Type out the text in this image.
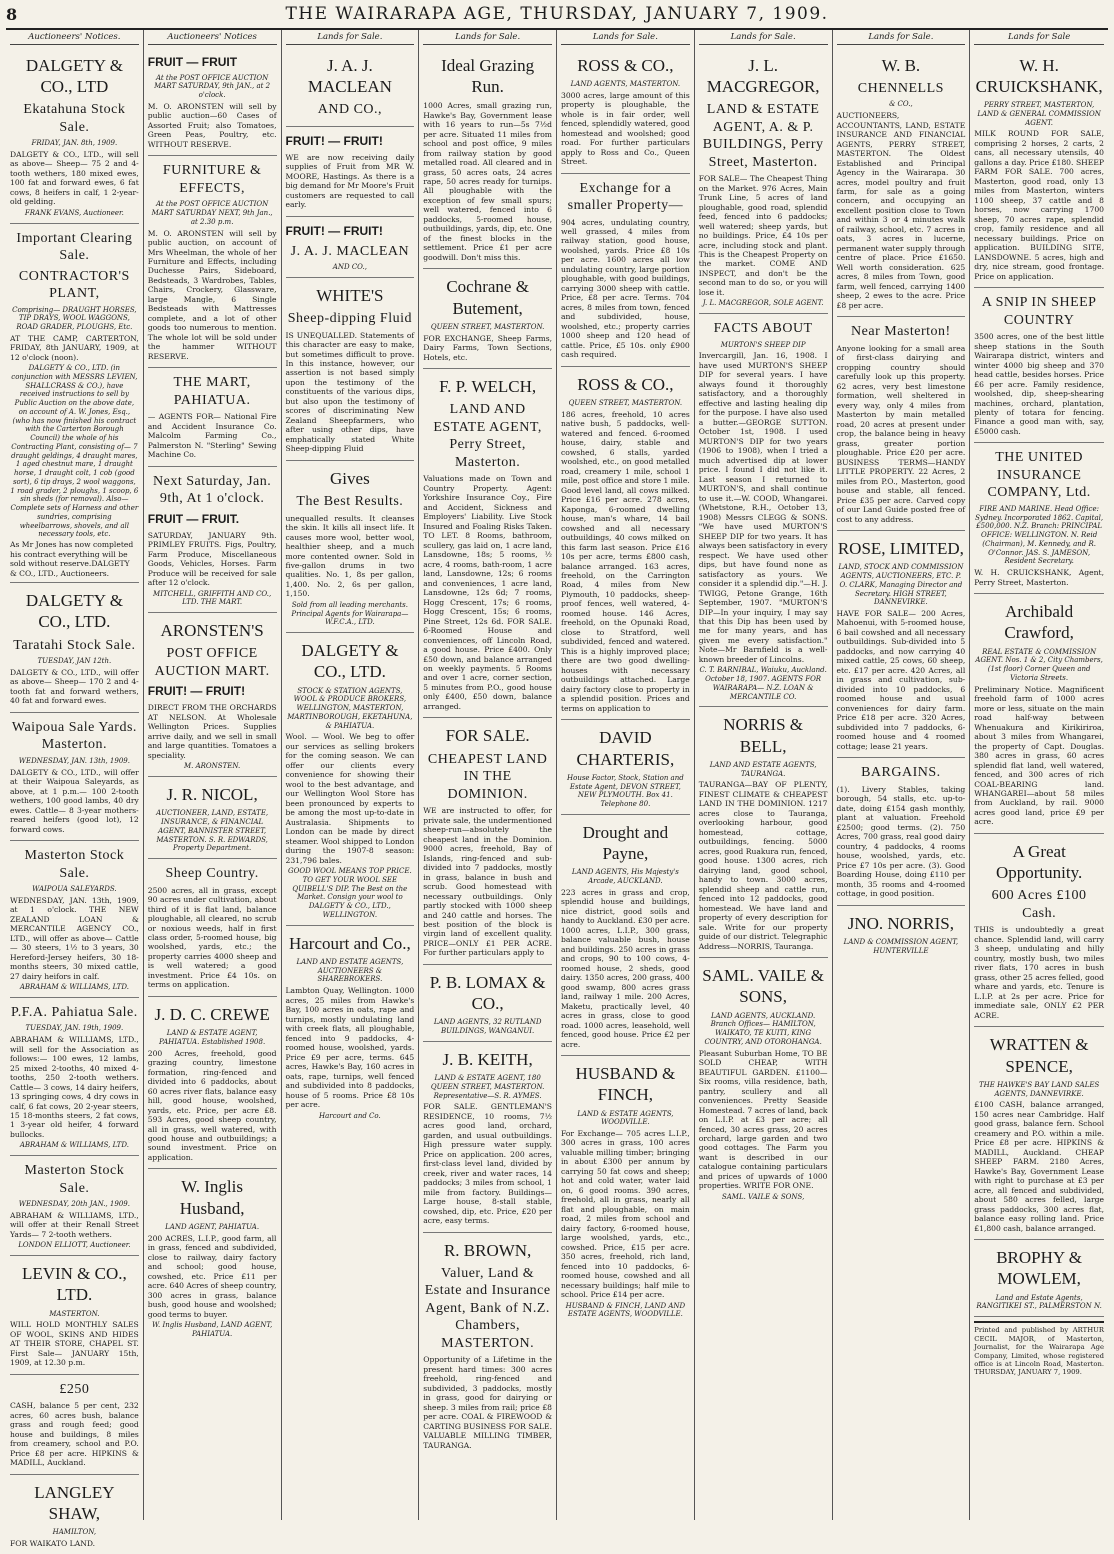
8	THE WAIRARAPA AGE, THURSDAY, JANUARY 7, 1909.
Auctioneers' Notices.
DALGETY & CO., LTD
Ekatahuna Stock Sale.
FRIDAY, JAN. 8th, 1909.
DALGETY & CO., LTD., will sell as above— Sheep— 75 2 and 4-tooth wethers, 180 mixed ewes, 100 fat and forward ewes, 6 fat cows, 8 heifers in calf, 1 2-year-old gelding.
FRANK EVANS, Auctioneer.
Important Clearing Sale.
CONTRACTOR'S PLANT,
Comprising— DRAUGHT HORSES, TIP DRAYS, WOOL WAGGONS, ROAD GRADER, PLOUGHS, Etc.
AT THE CAMP, CARTERTON, FRIDAY, 8th JANUARY, 1909, at 12 o'clock (noon).
DALGETY & CO., LTD. (in conjunction with MESSRS LEVIEN, SHALLCRASS & CO.), have received instructions to sell by Public Auction on the above date, on account of A. W. Jones, Esq., (who has now finished his contract with the Carterton Borough Council) the whole of his Contracting Plant, consisting of— 7 draught geldings, 4 draught mares, 1 aged chestnut mare, 1 draught horse, 1 draught colt, 1 cob (good sort), 6 tip drays, 2 wool waggons, 1 road grader, 2 ploughs, 1 scoop, 6 sin sheds (for removal). Also—Complete sets of Harness and other sundries, comprising wheelbarrows, shovels, and all necessary tools, etc.
As Mr Jones has now completed his contract everything will be sold without reserve.DALGETY & CO., LTD., Auctioneers.
DALGETY & CO., LTD.
Taratahi Stock Sale.
TUESDAY, JAN 12th.
DALGETY & CO., LTD., will offer as above— Sheep— 170 2 and 4-tooth fat and forward wethers, 40 fat and forward ewes.
Waipoua Sale Yards. Masterton.
WEDNESDAY, JAN. 13th, 1909.
DALGETY & CO., LTD., will offer at their Waipoua Saleyards, as above, at 1 p.m.— 100 2-tooth wethers, 100 good lambs, 40 dry ewes. Cattle— 8 3-year mothers-reared heifers (good lot), 12 forward cows.
Masterton Stock Sale.
WAIPOUA SALEYARDS.
WEDNESDAY, JAN. 13th, 1909, at 1 o'clock. THE NEW ZEALAND LOAN & MERCANTILE AGENCY CO., LTD., will offer as above— Cattle— 30 steers, 1½ to 3 years, 30 Hereford-Jersey heifers, 30 18-months steers, 30 mixed cattle, 27 dairy heifors in calf.
ABRAHAM & WILLIAMS, LTD.
P.F.A. Pahiatua Sale.
TUESDAY, JAN. 19th, 1909.
ABRAHAM & WILLIAMS, LTD., will sell for the Association as follows:— 100 ewes, 12 lambs, 25 mixed 2-tooths, 40 mixed 4-tooths, 250 2-tooth wethers. Cattle— 3 cows, 14 dairy heifers, 13 springing cows, 4 dry cows in calf, 6 fat cows, 20 2-year steers, 15 18-months steers, 2 fat cows, 1 3-year old heifer, 4 forward bullocks.
ABRAHAM & WILLIAMS, LTD.
Masterton Stock Sale.
WEDNESDAY, 20th JAN., 1909.
ABRAHAM & WILLIAMS, LTD., will offer at their Renall Street Yards— 7 2-tooth wethers.
LONDON ELLIOTT, Auctioneer.
LEVIN & CO., LTD.
MASTERTON.
WILL HOLD MONTHLY SALES OF WOOL, SKINS AND HIDES AT THEIR STORE, CHAPEL ST. First Sale— JANUARY 15th, 1909, at 12.30 p.m.
£250
CASH, balance 5 per cent, 232 acres, 60 acres bush, balance grass and rough feed; good house and buildings, 8 miles from creamery, school and P.O. Price £8 per acre. HIPKINS & MADILL, Auckland.
LANGLEY SHAW,
HAMILTON,
FOR WAIKATO LAND.
Auctioneers' Notices
FRUIT — FRUIT
At the POST OFFICE AUCTION MART SATURDAY, 9th JAN., at 2 o'clock.
M. O. ARONSTEN will sell by public auction—60 Cases of Assorted Fruit; also Tomatoes, Green Peas, Poultry, etc. WITHOUT RESERVE.
FURNITURE & EFFECTS,
At the POST OFFICE AUCTION MART SATURDAY NEXT, 9th Jan., at 2.30 p.m.
M. O. ARONSTEN will sell by public auction, on account of Mrs Wheelman, the whole of her Furniture and Effects, including Duchesse Pairs, Sideboard, Bedsteads, 3 Wardrobes, Tables, Chairs, Crockery, Glassware, large Mangle, 6 Single Bedsteads with Mattresses complete, and a lot of other goods too numerous to mention. The whole lot will be sold under the hammer WITHOUT RESERVE.
THE MART, PAHIATUA.
— AGENTS FOR— National Fire and Accident Insurance Co. Malcolm Farming Co., Palmerston N. "Sterling" Sewing Machine Co.
Next Saturday, Jan. 9th, At 1 o'clock.
FRUIT — FRUIT.
SATURDAY, JANUARY 9th. PRIMLEY FRUITS. Figs, Poultry, Farm Produce, Miscellaneous Goods, Vehicles, Horses. Farm Produce will be received for sale after 12 o'clock.
MITCHELL, GRIFFITH AND CO., LTD. THE MART.
ARONSTEN'S
POST OFFICE AUCTION MART.
FRUIT! — FRUIT!
DIRECT FROM THE ORCHARDS AT NELSON. At Wholesale Wellington Prices. Supplies arrive daily, and we sell in small and large quantities. Tomatoes a speciality.
M. ARONSTEN.
J. R. NICOL,
AUCTIONEER, LAND, ESTATE, INSURANCE, & FINANCIAL AGENT, BANNISTER STREET, MASTERTON. S. R. EDWARDS, Property Department.
Sheep Country.
2500 acres, all in grass, except 90 acres under cultivation, about third of it is flat land, balance ploughable, all cleared, no scrub or noxious weeds, half in first class order, 5-roomed house, big woolshed, yards, etc.; the property carries 4000 sheep and is well watered; a good investment. Price £4 10s. on terms on application.
J. D. C. CREWE
LAND & ESTATE AGENT, PAHIATUA. Established 1908.
200 Acres, freehold, good grazing country, limestone formation, ring-fenced and divided into 6 paddocks, about 60 acres river flats, balance easy hill, good house, woolshed, yards, etc. Price, per acre £8. 593 Acres, good sheep country, all in grass, well watered, with good house and outbuildings; a sound investment. Price on application.
W. Inglis Husband,
LAND AGENT, PAHIATUA.
200 ACRES, L.I.P., good farm, all in grass, fenced and subdivided, close to railway, dairy factory and school; good house, cowshed, etc. Price £11 per acre. 640 Acres of sheep country, 300 acres in grass, balance bush, good house and woolshed; good terms to buyer.
W. Inglis Husband, LAND AGENT, PAHIATUA.
Lands for Sale.
J. A. J. MACLEAN
AND CO.,
FRUIT! — FRUIT!
WE are now receiving daily supplies of Fruit from MR W. MOORE, Hastings. As there is a big demand for Mr Moore's Fruit customers are requested to call early.
FRUIT! — FRUIT!
J. A. J. MACLEAN
AND CO.,
WHITE'S
Sheep-dipping Fluid
IS UNEQUALLED. Statements of this character are easy to make, but sometimes difficult to prove. In this instance, however, our assertion is not based simply upon the testimony of the constituents of the various dips, but also upon the testimony of scores of discriminating New Zealand Sheepfarmers, who after using other dips, have emphatically stated White Sheep-dipping Fluid
Gives
The Best Results.
unequalled results. It cleanses the skin. It kills all insect life. It causes more wool, better wool, healthier sheep, and a much more contented owner. Sold in five-gallon drums in two qualities. No. 1, 8s per gallon, 1,400. No. 2, 6s per gallon, 1,150.
Sold from all leading merchants. Principal Agents for Wairarapa— W.F.C.A., LTD.
DALGETY & CO., LTD.
STOCK & STATION AGENTS, WOOL & PRODUCE BROKERS, WELLINGTON, MASTERTON, MARTINBOROUGH, EKETAHUNA, & PAHIATUA.
Wool. — Wool. We beg to offer our services as selling brokers for the coming season. We can offer our clients every convenience for showing their wool to the best advantage, and our Wellington Wool Store has been pronounced by experts to be among the most up-to-date in Australasia. Shipments to London can be made by direct steamer. Wool shipped to London during the 1907-8 season: 231,796 bales.
GOOD WOOL MEANS TOP PRICE. TO GET YOUR WOOL SEE QUIBELL'S DIP. The Best on the Market. Consign your wool to DALGETY & CO., LTD., WELLINGTON.
Harcourt and Co.,
LAND AND ESTATE AGENTS, AUCTIONEERS & SHAREBROKERS.
Lambton Quay, Wellington. 1000 acres, 25 miles from Hawke's Bay, 100 acres in oats, rape and turnips, mostly undulating land with creek flats, all ploughable, fenced into 9 paddocks, 4-roomed house, woolshed, yards. Price £9 per acre, terms. 645 acres, Hawke's Bay, 160 acres in oats, rape, turnips, well fenced and subdivided into 8 paddocks, house of 5 rooms. Price £8 10s per acre.
Harcourt and Co.
Lands for Sale.
Ideal Grazing Run.
1000 Acres, small grazing run, Hawke's Bay, Government lease with 16 years to run—5s 7½d per acre. Situated 11 miles from school and post office, 9 miles from railway station by good metalled road. All cleared and in grass, 50 acres oats, 24 acres rape, 50 acres ready for turnips. All ploughable with the exception of few small spurs; well watered, fenced into 6 paddocks, 5-roomed house, outbuildings, yards, dip, etc. One of the finest blocks in the settlement. Price £1 per acre goodwill. Don't miss this.
Cochrane & Butement,
QUEEN STREET, MASTERTON.
FOR EXCHANGE, Sheep Farms, Dairy Farms, Town Sections, Hotels, etc.
F. P. WELCH,
LAND AND ESTATE AGENT, Perry Street, Masterton.
Valuations made on Town and Country Property. Agent: Yorkshire Insurance Coy., Fire and Accident, Sickness and Employers' Liability. Live Stock Insured and Foaling Risks Taken. TO LET. 8 Rooms, bathroom, scullery, gas laid on, 1 acre land, Lansdowne, 18s; 5 rooms, ½ acre, 4 rooms, bath-room, 1 acre land, Lansdowne, 12s; 6 rooms and conveniences, 1 acre land, Lansdowne, 12s 6d; 7 rooms, Hogg Crescent, 17s; 6 rooms, Hogg Crescent, 15s; 6 rooms, Pine Street, 12s 6d. FOR SALE. 6-Roomed House and conveniences, off Lincoln Road, a good house. Price £400. Only £50 down, and balance arranged on weekly payments. 5 Rooms and over 1 acre, corner section, 5 minutes from P.O., good house only £400, £50 down, balance arranged.
FOR SALE.
CHEAPEST LAND IN THE DOMINION.
WE are instructed to offer, for private sale, the undermentioned sheep-run—absolutely the cheapest land in the Dominion. 9000 acres, freehold, Bay of Islands, ring-fenced and sub-divided into 7 paddocks, mostly in grass, balance in bush and scrub. Good homestead with necessary outbuildings. Only partly stocked with 1000 sheep and 240 cattle and horses. The best position of the block is virgin land of excellent quality. PRICE—ONLY £1 PER ACRE. For further particulars apply to
P. B. LOMAX & CO.,
LAND AGENTS, 32 RUTLAND BUILDINGS, WANGANUI.
J. B. KEITH,
LAND & ESTATE AGENT, 180 QUEEN STREET, MASTERTON. Representative—S. R. AYMES.
FOR SALE. GENTLEMAN'S RESIDENCE, 10 rooms, 7½ acres good land, orchard, garden, and usual outbuildings. High pressure water supply. Price on application. 200 acres, first-class level land, divided by creek, river and water races, 14 paddocks; 3 miles from school, 1 mile from factory. Buildings—Large house, 8-stall stable, cowshed, dip, etc. Price, £20 per acre, easy terms.
R. BROWN,
Valuer, Land & Estate and Insurance Agent, Bank of N.Z. Chambers, MASTERTON.
Opportunity of a Lifetime in the present hard times: 300 acres freehold, ring-fenced and subdivided, 3 paddocks, mostly in grass, good for dairying or sheep. 3 miles from rail; price £8 per acre. COAL & FIREWOOD & CARTING BUSINESS FOR SALE. VALUABLE MILLING TIMBER, TAURANGA.
Lands for Sale.
ROSS & CO.,
LAND AGENTS, MASTERTON.
3000 acres, large amount of this property is ploughable, the whole is in fair order, well fenced, splendidly watered, good homestead and woolshed; good road. For further particulars apply to Ross and Co., Queen Street.
Exchange for a smaller Property—
904 acres, undulating country, well grassed, 4 miles from railway station, good house, woolshed, yards. Price £8 10s per acre. 1600 acres all low undulating country, large portion ploughable, with good buildings, carrying 3000 sheep with cattle. Price, £8 per acre. Terms. 704 acres, 8 miles from town, fenced and subdivided, house, woolshed, etc.; property carries 1000 sheep and 120 head of cattle. Price, £5 10s. only £900 cash required.
ROSS & CO.,
QUEEN STREET, MASTERTON.
186 acres, freehold, 10 acres native bush, 5 paddocks, well-watered and fenced. 6-roomed house, dairy, stable and cowshed, 6 stalls, yarded woolshed, etc., on good metalled road, creamery 1 mile, school 1 mile, post office and store 1 mile. Good level land, all cows milked. Price £16 per acre. 278 acres, Kaponga, 6-roomed dwelling house, man's whare, 14 bail cowshed and all necessary outbuildings, 40 cows milked on this farm last season. Price £16 10s per acre, terms £800 cash, balance arranged. 163 acres, freehold, on the Carrington Road, 4 miles from New Plymouth, 10 paddocks, sheep-proof fences, well watered, 4-roomed house. 146 Acres, freehold, on the Opunaki Road, close to Stratford, well subdivided, fenced and watered. This is a highly improved place; there are two good dwelling-houses with necessary outbuildings attached. Large dairy factory close to property in a splendid position. Prices and terms on application to
DAVID CHARTERIS,
House Factor, Stock, Station and Estate Agent, DEVON STREET, NEW PLYMOUTH. Box 41. Telephone 80.
Drought and Payne,
LAND AGENTS, His Majesty's Arcade, AUCKLAND.
223 acres in grass and crop, splendid house and buildings, nice district, good soils and handy to Auckland. £30 per acre. 1000 acres, L.I.P., 300 grass, balance valuable bush, house and buildings. 250 acres in grass and crops, 90 to 100 cows, 4-roomed house, 2 sheds, good dairy. 1350 acres, 200 grass, 400 good swamp, 800 acres grass land, railway 1 mile. 200 Acres, Maketu, practically level, 40 acres in grass, close to good road. 1000 acres, leasehold, well fenced, good house. Price £2 per acre.
HUSBAND & FINCH,
LAND & ESTATE AGENTS, WOODVILLE.
For Exchange— 705 acres L.I.P., 300 acres in grass, 100 acres valuable milling timber; bringing in about £300 per annum by carrying 50 fat cows and sheep; hot and cold water, water laid on, 6 good rooms. 390 acres, freehold, all in grass, nearly all flat and ploughable, on main road, 2 miles from school and dairy factory, 6-roomed house, large woolshed, yards, etc., cowshed. Price, £15 per acre. 350 acres, freehold, rich land, fenced into 10 paddocks, 6-roomed house, cowshed and all necessary buildings; half mile to school. Price £14 per acre.
HUSBAND & FINCH, LAND AND ESTATE AGENTS, WOODVILLE.
Lands for Sale.
J. L. MACGREGOR,
LAND & ESTATE AGENT, A. & P. BUILDINGS, Perry Street, Masterton.
FOR SALE— The Cheapest Thing on the Market. 976 Acres, Main Trunk Line, 5 acres of land ploughable, good road, splendid feed, fenced into 6 paddocks; well watered; sheep yards, but no buildings. Price, £4 10s per acre, including stock and plant. This is the Cheapest Property on the market. COME AND INSPECT, and don't be the second man to do so, or you will lose it.
J. L. MACGREGOR, SOLE AGENT.
FACTS ABOUT
MURTON'S SHEEP DIP
Invercargill, Jan. 16, 1908. I have used MURTON'S SHEEP DIP for several years. I have always found it thoroughly satisfactory, and a thoroughly effective and lasting healing dip for the purpose. I have also used a butter.—GEORGE SUTTON. October 1st, 1908. I used MURTON'S DIP for two years (1906 to 1908), when I tried a much advertised dip at lower price. I found I did not like it. Last season I returned to MURTON'S, and shall continue to use it.—W. COOD, Whangarei. (Whetstone, R.H., October 13, 1908) Messrs CLEGG & SONS. "We have used MURTON'S SHEEP DIP for two years. It has always been satisfactory in every respect. We have used other dips, but have found none as satisfactory as yours. We consider it a splendid dip."—H. J. TWIGG, Petone Grange, 16th September, 1907. "MURTON'S DIP—In your inquiry, I may say that this Dip has been used by me for many years, and has given me every satisfaction." Note—Mr Barnfield is a well-known breeder of Lincolns.
C. T. BARNIBAL, Waiuku, Auckland. October 18, 1907. AGENTS FOR WAIRARAPA— N.Z. LOAN & MERCANTILE CO.
NORRIS & BELL,
LAND AND ESTATE AGENTS, TAURANGA.
TAURANGA—BAY OF PLENTY, FINEST CLIMATE & CHEAPEST LAND IN THE DOMINION. 1217 acres close to Tauranga, overlooking harbour, good homestead, cottage, outbuildings, fencing. 5000 acres, good Ruakura run, fenced, good house. 1300 acres, rich dairying land, good school, handy to town. 3000 acres, splendid sheep and cattle run, fenced into 12 paddocks, good homestead. We have land and property of every description for sale. Write for our property guide of our district. Telegraphic Address—NORRIS, Tauranga.
SAML. VAILE & SONS,
LAND AGENTS, AUCKLAND. Branch Offices— HAMILTON, WAIKATO, TE KUITI, KING COUNTRY, AND OTOROHANGA.
Pleasant Suburban Home, TO BE SOLD CHEAP, WITH BEAUTIFUL GARDEN. £1100—Six rooms, villa residence, bath, pantry, scullery and all conveniences. Pretty Seaside Homestead. 7 acres of land, back on L.I.P. at £3 per acre; all fenced, 30 acres grass, 20 acres orchard, large garden and two good cottages. The Farm you want is described in our catalogue containing particulars and prices of upwards of 1000 properties. WRITE FOR ONE.
SAML. VAILE & SONS,
Lands for Sale.
W. B.
CHENNELLS
& CO.,
AUCTIONEERS, ACCOUNTANTS, LAND, ESTATE INSURANCE AND FINANCIAL AGENTS, PERRY STREET, MASTERTON. The Oldest Established and Principal Agency in the Wairarapa. 30 acres, model poultry and fruit farm, for sale as a going concern, and occupying an excellent position close to Town and within 3 or 4 minutes walk of railway, school, etc. 7 acres in oats, 3 acres in lucerne, permanent water supply through centre of place. Price £1650. Well worth consideration. 625 acres, 8 miles from Town, good farm, well fenced, carrying 1400 sheep, 2 ewes to the acre. Price £8 per acre.
Near Masterton!
Anyone looking for a small area of first-class dairying and cropping country should carefully look up this property. 62 acres, very best limestone formation, well sheltered in every way, only 4 miles from Masterton by main metalled road, 20 acres at present under crop, the balance being in heavy grass, greater portion ploughable. Price £20 per acre. BUSINESS TERMS—HANDY LITTLE PROPERTY. 22 Acres, 2 miles from P.O., Masterton, good house and stable, all fenced. Price £35 per acre. Carved copy of our Land Guide posted free of cost to any address.
ROSE, LIMITED,
LAND, STOCK AND COMMISSION AGENTS, AUCTIONEERS, ETC. P. O. CLARK, Managing Director and Secretary. HIGH STREET, DANNEVIRKE.
HAVE FOR SALE— 200 Acres, Mahoenui, with 5-roomed house, 6 bail cowshed and all necessary outbuildings. Sub-divided into 5 paddocks, and now carrying 40 mixed cattle, 25 cows, 60 sheep, etc. £17 per acre. 420 Acres, all in grass and cultivation, sub-divided into 10 paddocks, 6 roomed house and usual conveniences for dairy farm. Price £18 per acre. 320 Acres, subdivided into 7 paddocks, 6-roomed house and 4 roomed cottage; lease 21 years.
BARGAINS.
(1). Livery Stables, taking borough, 54 stalls, etc. up-to-date, doing £154 gash monthly, plant at valuation. Freehold £2500; good terms. (2). 750 Acres, 700 grass, real good dairy country, 4 paddocks, 4 rooms house, woolshed, yards, etc. Price £7 10s per acre. (3). Good Boarding House, doing £110 per month, 35 rooms and 4-roomed cottage, in good position.
JNO. NORRIS,
LAND & COMMISSION AGENT, HUNTERVILLE
Lands for Sale
W. H. CRUICKSHANK,
PERRY STREET, MASTERTON, LAND & GENERAL COMMISSION AGENT.
MILK ROUND FOR SALE, comprising 2 horses, 2 carts, 2 cans, all necessary utensils, 40 gallons a day. Price £180. SHEEP FARM FOR SALE. 700 acres, Masterton, good road, only 13 miles from Masterton, winters 1100 sheep, 37 cattle and 8 horses, now carrying 1700 sheep, 70 acres rape, splendid crop, family residence and all necessary buildings. Price on application. BUILDING SITE, LANSDOWNE. 5 acres, high and dry, nice stream, good frontage. Price on application.
A SNIP IN SHEEP COUNTRY
3500 acres, one of the best little sheep stations in the South Wairarapa district, winters and winter 4000 big sheep and 370 head cattle, besides horses. Price £6 per acre. Family residence, woolshed, dip, sheep-shearing machines, orchard, plantation, plenty of totara for fencing. Finance a good man with, say, £5000 cash.
THE UNITED INSURANCE COMPANY, Ltd.
FIRE AND MARINE. Head Office: Sydney. Incorporated 1862. Capital, £500,000. N.Z. Branch: PRINCIPAL OFFICE: WELLINGTON. N. Reid (Chairman), M. Kennedy, and R. O'Connor. JAS. S. JAMESON, Resident Secretary.
W. H. CRUICKSHANK, Agent, Perry Street, Masterton.
Archibald Crawford,
REAL ESTATE & COMMISSION AGENT. Nos. 1 & 2, City Chambers, (1st floor) Corner Queen and Victoria Streets.
Preliminary Notice. Magnificent freehold farm of 1000 acres more or less, situate on the main road half-way between Whenuakura and Kirikiriroa, about 3 miles from Whangarei, the property of Capt. Douglas. 380 acres in grass, 60 acres splendid flat land, well watered, fenced, and 300 acres of rich COAL-BEARING land. WHANGAREI—about 58 miles from Auckland, by rail. 9000 acres good land, price £9 per acre.
A Great Opportunity.
600 Acres £100 Cash.
THIS is undoubtedly a great chance. Splendid land, will carry 3 sheep, undulating and hilly country, mostly bush, two miles river flats, 170 acres in bush grass, other 25 acres felled, good whare and yards, etc. Tenure is L.I.P. at 2s per acre. Price for immediate sale, ONLY £2 PER ACRE.
WRATTEN & SPENCE,
THE HAWKE'S BAY LAND SALES AGENTS, DANNEVIRKE.
£100 CASH, balance arranged, 150 acres near Cambridge. Half good grass, balance fern. School creamery and P.O. within a mile. Price £8 per acre. HIPKINS & MADILL, Auckland. CHEAP SHEEP FARM. 2180 Acres, Hawke's Bay, Government Lease with right to purchase at £3 per acre, all fenced and subdivided, about 580 acres felled, large grass paddocks, 300 acres flat, balance easy rolling land. Price £1,800 cash, balance arranged.
BROPHY & MOWLEM,
Land and Estate Agents, RANGITIKEI ST., PALMERSTON N.
Printed and published by ARTHUR CECIL MAJOR, of Masterton, Journalist, for the Wairarapa Age Company, Limited, whose registered office is at Lincoln Road, Masterton. THURSDAY, JANUARY 7, 1909.
